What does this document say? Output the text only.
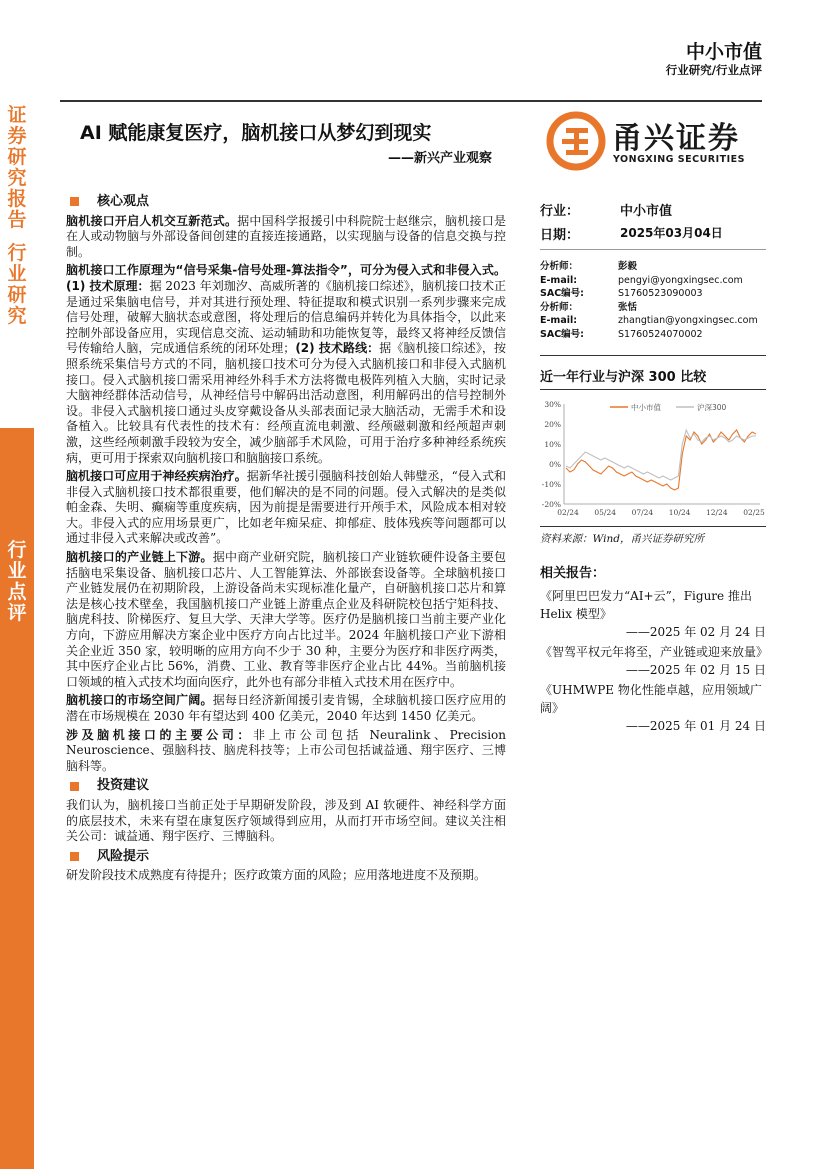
证
券
研
究
报
告
行
业
研
究
行
业
点
评
中小市值
行业研究/行业点评
AI 赋能康复医疗，脑机接口从梦幻到现实
——新兴产业观察
甬兴证券
YONGXING SECURITIES
核心观点

脑机接口开启人机交互新范式。据中国科学报援引中科院院士赵继宗，脑机接口是在人或动物脑与外部设备间创建的直接连接通路，以实现脑与设备的信息交换与控制。

脑机接口工作原理为“信号采集-信号处理-算法指令”，可分为侵入式和非侵入式。(1) 技术原理：据 2023 年刘珈汐、高威所著的《脑机接口综述》，脑机接口技术正是通过采集脑电信号，并对其进行预处理、特征提取和模式识别一系列步骤来完成信号处理，破解大脑状态或意图，将处理后的信息编码并转化为具体指令，以此来控制外部设备应用，实现信息交流、运动辅助和功能恢复等，最终又将神经反馈信号传输给人脑，完成通信系统的闭环处理；(2) 技术路线：据《脑机接口综述》，按照系统采集信号方式的不同，脑机接口技术可分为侵入式脑机接口和非侵入式脑机接口。侵入式脑机接口需采用神经外科手术方法将微电极阵列植入大脑，实时记录大脑神经群体活动信号，从神经信号中解码出活动意图，利用解码出的信号控制外设。非侵入式脑机接口通过头皮穿戴设备从头部表面记录大脑活动，无需手术和设备植入。比较具有代表性的技术有：经颅直流电刺激、经颅磁刺激和经颅超声刺激，这些经颅刺激手段较为安全，减少脑部手术风险，可用于治疗多种神经系统疾病，更可用于探索双向脑机接口和脑脑接口系统。

脑机接口可应用于神经疾病治疗。据新华社援引强脑科技创始人韩璧丞，“侵入式和非侵入式脑机接口技术都很重要，他们解决的是不同的问题。侵入式解决的是类似帕金森、失明、癫痫等重度疾病，因为前提是需要进行开颅手术，风险成本相对较大。非侵入式的应用场景更广，比如老年痴呆症、抑郁症、肢体残疾等问题都可以通过非侵入式来解决或改善”。

脑机接口的产业链上下游。据中商产业研究院，脑机接口产业链软硬件设备主要包括脑电采集设备、脑机接口芯片、人工智能算法、外部嵌套设备等。全球脑机接口产业链发展仍在初期阶段，上游设备尚未实现标准化量产，自研脑机接口芯片和算法是核心技术壁垒，我国脑机接口产业链上游重点企业及科研院校包括宁矩科技、脑虎科技、阶梯医疗、复旦大学、天津大学等。医疗仍是脑机接口当前主要产业化方向，下游应用解决方案企业中医疗方向占比过半。2024 年脑机接口产业下游相关企业近 350 家，较明晰的应用方向不少于 30 种，主要分为医疗和非医疗两类，其中医疗企业占比 56%，消费、工业、教育等非医疗企业占比 44%。当前脑机接口领域的植入式技术均面向医疗，此外也有部分非植入式技术用在医疗中。

脑机接口的市场空间广阔。据每日经济新闻援引麦肯锡，全球脑机接口医疗应用的潜在市场规模在 2030 年有望达到 400 亿美元，2040 年达到 1450 亿美元。

涉及脑机接口的主要公司：非上市公司包括 Neuralink、Precision Neuroscience、强脑科技、脑虎科技等；上市公司包括诚益通、翔宇医疗、三博脑科等。

投资建议

我们认为，脑机接口当前正处于早期研发阶段，涉及到 AI 软硬件、神经科学方面的底层技术，未来有望在康复医疗领域得到应用，从而打开市场空间。建议关注相关公司：诚益通、翔宇医疗、三博脑科。

风险提示

研发阶段技术成熟度有待提升；医疗政策方面的风险；应用落地进度不及预期。

行业：	中小市值
日期：	2025年03月04日
分析师：	彭毅
E-mail:	pengyi@yongxingsec.com
SAC编号:	S1760523090003
分析师：	张恬
E-mail:	zhangtian@yongxingsec.com
SAC编号:	S1760524070002
近一年行业与沪深 300 比较
30%
20%
10%
0%
-10%
-20%
02/24 05/24 07/24 10/24 12/24 02/25
中小市值	沪深300
资料来源：Wind，甬兴证券研究所
相关报告：
《阿里巴巴发力“AI+云”，Figure 推出 Helix 模型》
——2025 年 02 月 24 日
《智驾平权元年将至，产业链或迎来放量》
——2025 年 02 月 15 日
《UHMWPE 物化性能卓越，应用领域广阔》
——2025 年 01 月 24 日
